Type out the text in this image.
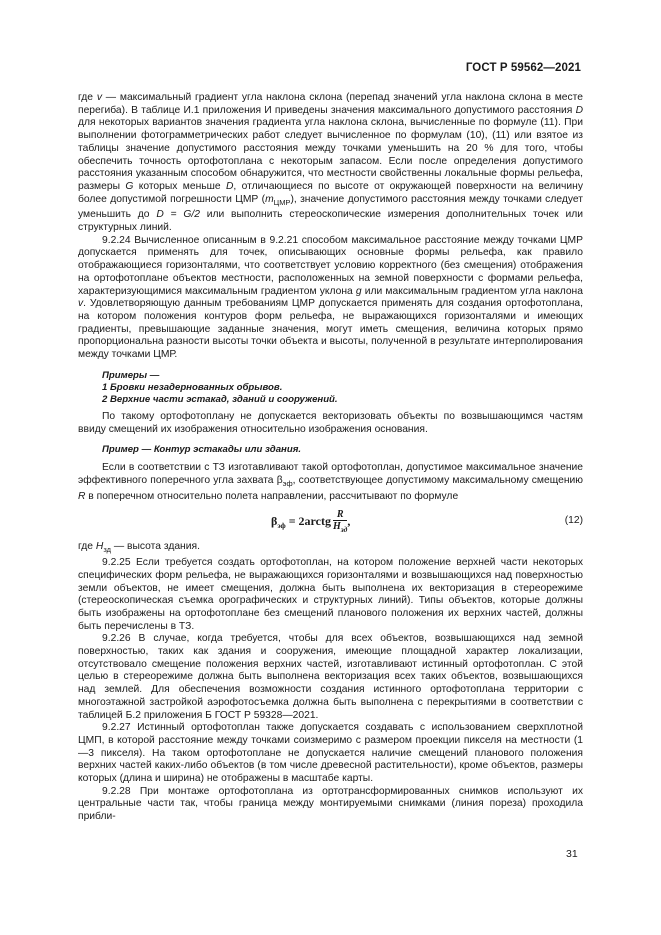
ГОСТ Р 59562—2021

где v — максимальный градиент угла наклона склона (перепад значений угла наклона склона в месте перегиба). В таблице И.1 приложения И приведены значения максимального допустимого расстояния D для некоторых вариантов значения градиента угла наклона склона, вычисленные по формуле (11). При выполнении фотограмметрических работ следует вычисленное по формулам (10), (11) или взятое из таблицы значение допустимого расстояния между точками уменьшить на 20 % для того, чтобы обеспечить точность ортофотоплана с некоторым запасом. Если после определения допустимого расстояния указанным способом обнаружится, что местности свойственны локальные формы рельефа, размеры G которых меньше D, отличающиеся по высоте от окружающей поверхности на величину более допустимой погрешности ЦМР $(m_{ЦМР})$, значение допустимого расстояния между точками следует уменьшить до D = G/2 или выполнить стереоскопические измерения дополнительных точек или структурных линий.

9.2.24 Вычисленное описанным в 9.2.21 способом максимальное расстояние между точками ЦМР допускается применять для точек, описывающих основные формы рельефа, как правило отображающиеся горизонталями, что соответствует условию корректного (без смещения) отображения на ортофотоплане объектов местности, расположенных на земной поверхности с формами рельефа, характеризующимися максимальным градиентом уклона g или максимальным градиентом угла наклона v. Удовлетворяющую данным требованиям ЦМР допускается применять для создания ортофотоплана, на котором положения контуров форм рельефа, не выражающихся горизонталями и имеющих градиенты, превышающие заданные значения, могут иметь смещения, величина которых прямо пропорциональна разности высоты точки объекта и высоты, полученной в результате интерполирования между точками ЦМР.

Примеры —

1 Бровки незадернованных обрывов.

2 Верхние части эстакад, зданий и сооружений.

По такому ортофотоплану не допускается векторизовать объекты по возвышающимся частям ввиду смещений их изображения относительно изображения основания.

Пример — Контур эстакады или здания.

Если в соответствии с ТЗ изготавливают такой ортофотоплан, допустимое максимальное значение эффективного поперечного угла захвата $\beta_{эф}$, соответствующее допустимому максимальному смещению R в поперечном относительно полета направлении, рассчитывают по формуле

$\beta_{эф}$ = 2arctg $\frac{R}{H_{зд}}$ ,	(12)

где $H_{зд}$ — высота здания.

9.2.25 Если требуется создать ортофотоплан, на котором положение верхней части некоторых специфических форм рельефа, не выражающихся горизонталями и возвышающихся над поверхностью земли объектов, не имеет смещения, должна быть выполнена их векторизация в стереорежиме (стереоскопическая съемка орографических и структурных линий). Типы объектов, которые должны быть изображены на ортофотоплане без смещений планового положения их верхних частей, должны быть перечислены в ТЗ.

9.2.26 В случае, когда требуется, чтобы для всех объектов, возвышающихся над земной поверхностью, таких как здания и сооружения, имеющие площадной характер локализации, отсутствовало смещение положения верхних частей, изготавливают истинный ортофотоплан. С этой целью в стереорежиме должна быть выполнена векторизация всех таких объектов, возвышающихся над землей. Для обеспечения возможности создания истинного ортофотоплана территории с многоэтажной застройкой аэрофотосъемка должна быть выполнена с перекрытиями в соответствии с таблицей Б.2 приложения Б ГОСТ Р 59328—2021.

9.2.27 Истинный ортофотоплан также допускается создавать с использованием сверхплотной ЦМП, в которой расстояние между точками соизмеримо с размером проекции пикселя на местности (1—3 пикселя). На таком ортофотоплане не допускается наличие смещений планового положения верхних частей каких-либо объектов (в том числе древесной растительности), кроме объектов, размеры которых (длина и ширина) не отображены в масштабе карты.

9.2.28 При монтаже ортофотоплана из ортотрансформированных снимков используют их центральные части так, чтобы граница между монтируемыми снимками (линия пореза) проходила прибли-

31
